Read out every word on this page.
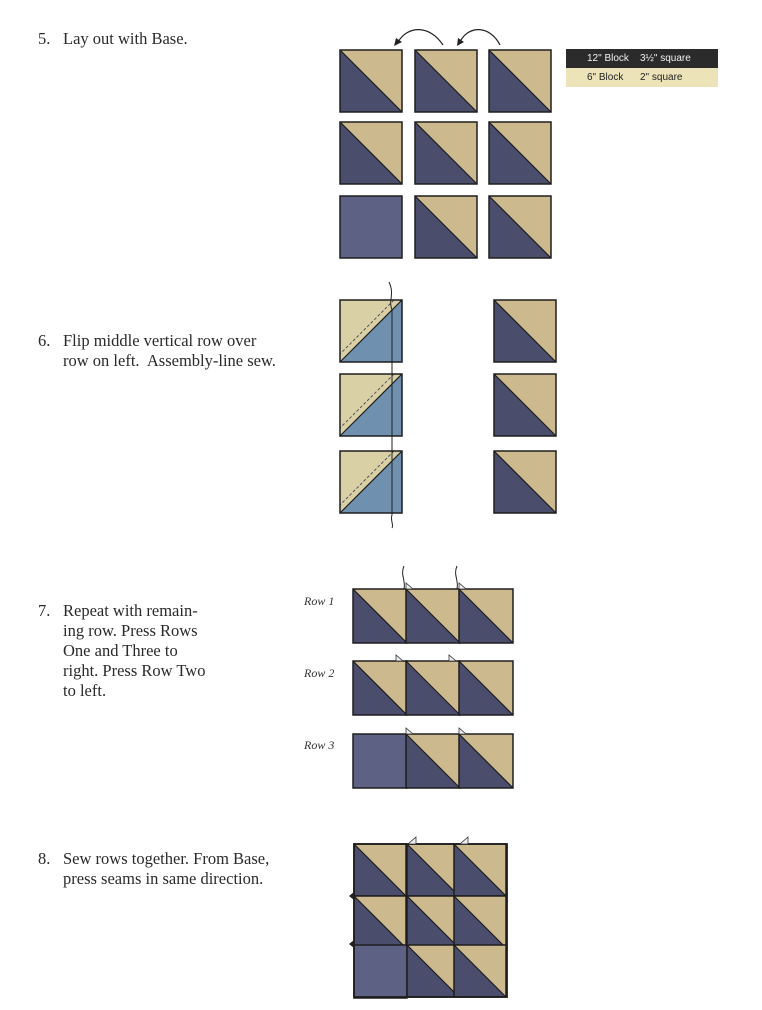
5. Lay out with Base.
6. Flip middle vertical row over
row on left.  Assembly-line sew.
7. Repeat with remain-
ing row. Press Rows
One and Three to
right. Press Row Two
to left.
8. Sew rows together. From Base,
press seams in same direction.
Row 1
Row 2
Row 3
12" Block	3½" square
6" Block	2" square
